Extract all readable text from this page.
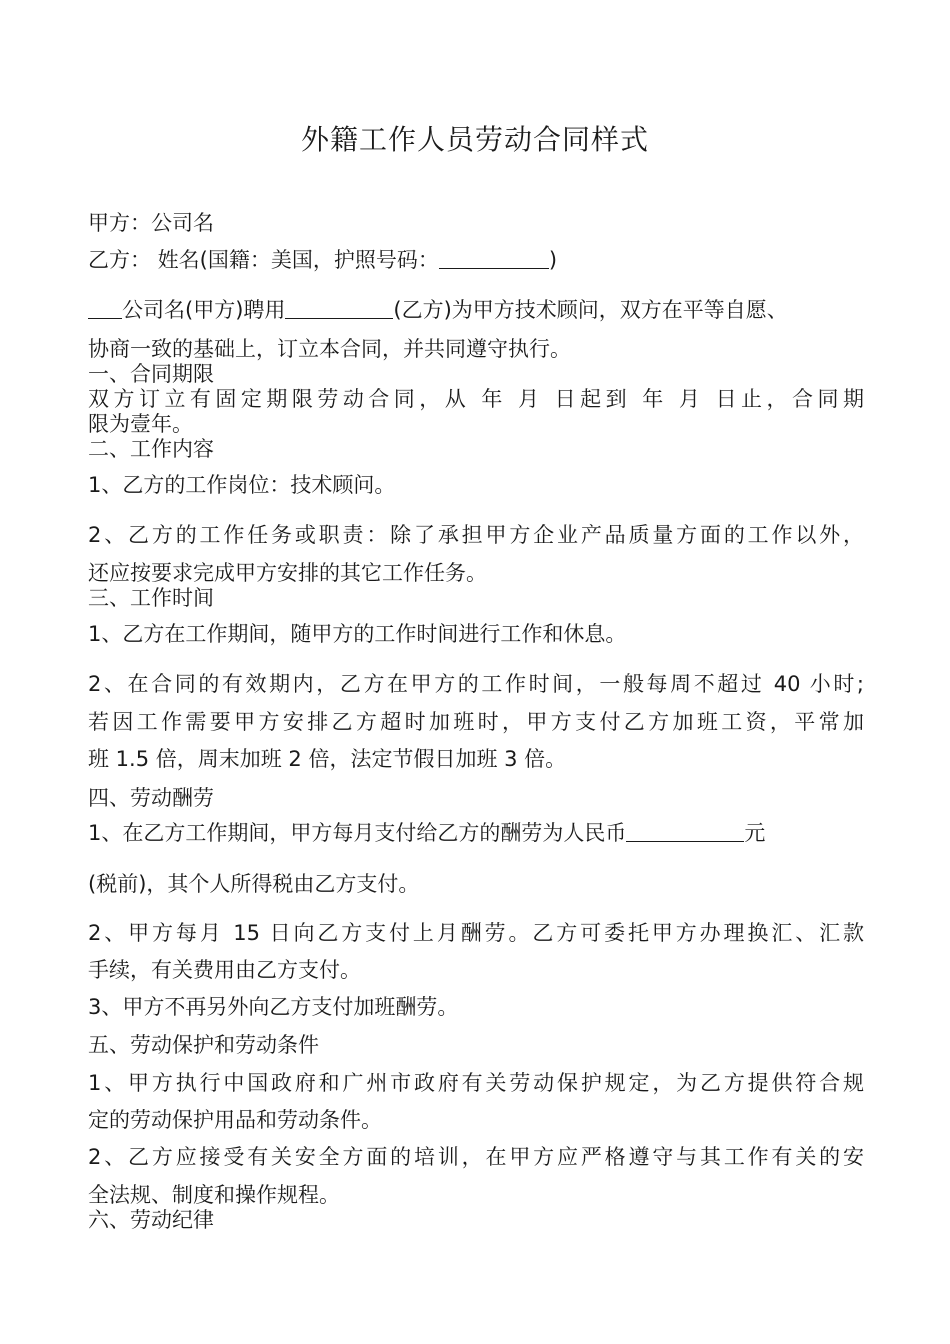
外籍工作人员劳动合同样式
甲方：公司名
乙方： 姓名(国籍：美国，护照号码：	)
公司名(甲方)聘用	(乙方)为甲方技术顾问，双方在平等自愿、
协商一致的基础上，订立本合同，并共同遵守执行。
一、合同期限
双方订立有固定期限劳动合同，从 年 月 日起到 年 月 日止，合同期
限为壹年。
二、工作内容
1、乙方的工作岗位：技术顾问。
2、乙方的工作任务或职责：除了承担甲方企业产品质量方面的工作以外，
还应按要求完成甲方安排的其它工作任务。
三、工作时间
1、乙方在工作期间，随甲方的工作时间进行工作和休息。
2、在合同的有效期内，乙方在甲方的工作时间，一般每周不超过 40 小时;
若因工作需要甲方安排乙方超时加班时，甲方支付乙方加班工资，平常加
班 1.5 倍，周末加班 2 倍，法定节假日加班 3 倍。
四、劳动酬劳
1、在乙方工作期间，甲方每月支付给乙方的酬劳为人民币	元
(税前)，其个人所得税由乙方支付。
2、甲方每月 15 日向乙方支付上月酬劳。乙方可委托甲方办理换汇、汇款
手续，有关费用由乙方支付。
3、甲方不再另外向乙方支付加班酬劳。
五、劳动保护和劳动条件
1、甲方执行中国政府和广州市政府有关劳动保护规定，为乙方提供符合规
定的劳动保护用品和劳动条件。
2、乙方应接受有关安全方面的培训，在甲方应严格遵守与其工作有关的安
全法规、制度和操作规程。
六、劳动纪律
